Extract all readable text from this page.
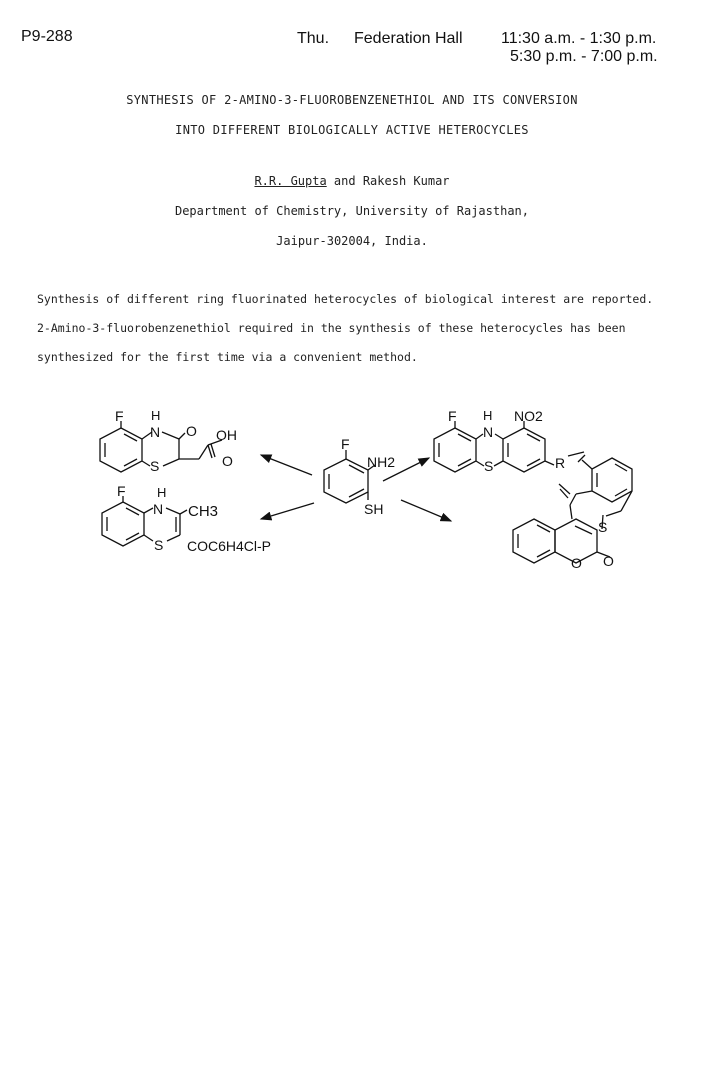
P9-288	Thu. Federation Hall 11:30 a.m. - 1:30 p.m.
5:30 p.m. - 7:00 p.m.
SYNTHESIS OF 2-AMINO-3-FLUOROBENZENETHIOL AND ITS CONVERSION
INTO DIFFERENT BIOLOGICALLY ACTIVE HETEROCYCLES
R.R. Gupta and Rakesh Kumar
Department of Chemistry, University of Rajasthan,
Jaipur-302004, India.
Synthesis of different ring fluorinated heterocycles of biological interest are reported. 2-Amino-3-fluorobenzenethiol required in the synthesis of these heterocycles has been synthesized for the first time via a convenient method.
F
NH2
SH
F H
N
S
O OH
O
F H
N
S
CH3
COC6H4Cl-P
F H
N
S
NO2
R
S
O O
